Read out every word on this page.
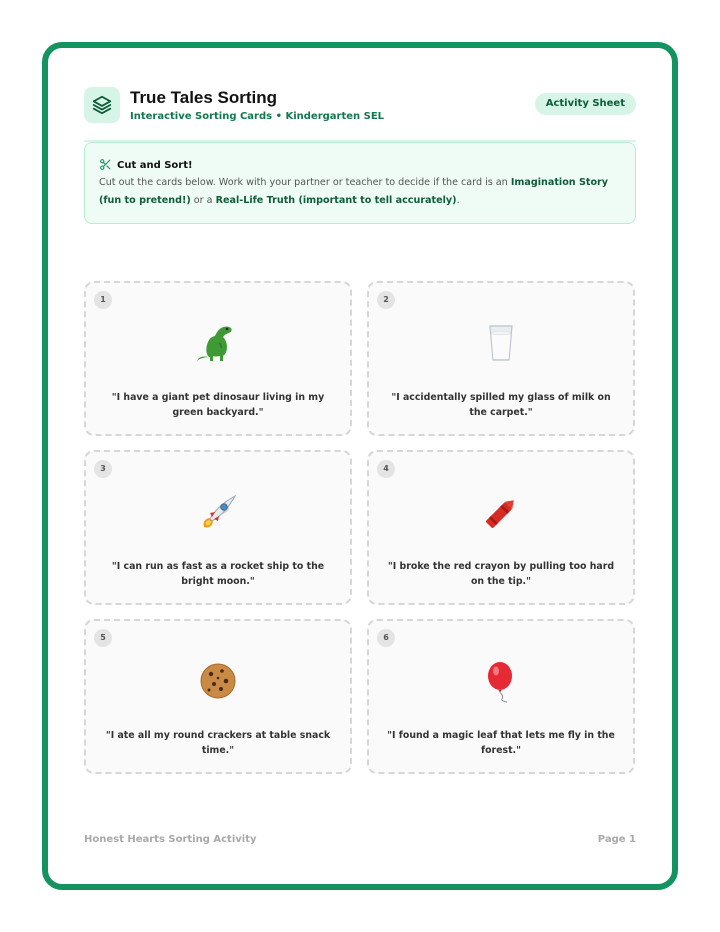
True Tales Sorting
Interactive Sorting Cards • Kindergarten SEL
Activity Sheet
Cut and Sort!
Cut out the cards below. Work with your partner or teacher to decide if the card is an Imagination Story (fun to pretend!) or a Real-Life Truth (important to tell accurately).
1
"I have a giant pet dinosaur living in my green backyard."
2
"I accidentally spilled my glass of milk on the carpet."
3
"I can run as fast as a rocket ship to the bright moon."
4
"I broke the red crayon by pulling too hard on the tip."
5
"I ate all my round crackers at table snack time."
6
"I found a magic leaf that lets me fly in the forest."
Honest Hearts Sorting Activity	Page 1
